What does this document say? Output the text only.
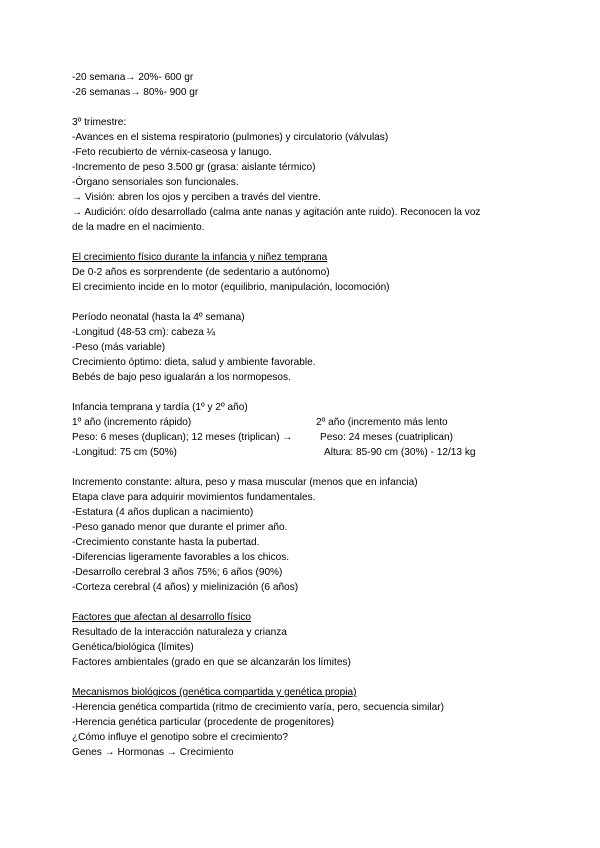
-20 semana→ 20%- 600 gr
-26 semanas→ 80%- 900 gr
3º trimestre:
-Avances en el sistema respiratorio (pulmones) y circulatorio (válvulas)
-Feto recubierto de vérnix-caseosa y lanugo.
-Incremento de peso 3.500 gr (grasa: aislante térmico)
-Órgano sensoriales son funcionales.
→ Visión: abren los ojos y perciben a través del vientre.
→ Audición: oído desarrollado (calma ante nanas y agitación ante ruido). Reconocen la voz
de la madre en el nacimiento.
El crecimiento físico durante la infancia y niñez temprana
De 0-2 años es sorprendente (de sedentario a autónomo)
El crecimiento incide en lo motor (equilibrio, manipulación, locomoción)
Período neonatal (hasta la 4º semana)
-Longitud (48-53 cm): cabeza ¼
-Peso (más variable)
Crecimiento óptimo: dieta, salud y ambiente favorable.
Bebés de bajo peso igualarán a los normopesos.
Infancia temprana y tardía (1º y 2º año)
1º año (incremento rápido)	2º año (incremento más lento
Peso: 6 meses (duplican); 12 meses (triplican) →	Peso: 24 meses (cuatriplican)
-Longitud: 75 cm (50%)	Altura: 85-90 cm (30%) - 12/13 kg
Incremento constante: altura, peso y masa muscular (menos que en infancia)
Etapa clave para adquirir movimientos fundamentales.
-Estatura (4 años duplican a nacimiento)
-Peso ganado menor que durante el primer año.
-Crecimiento constante hasta la pubertad.
-Diferencias ligeramente favorables a los chicos.
-Desarrollo cerebral 3 años 75%; 6 años (90%)
-Corteza cerebral (4 años) y mielinización (6 años)
Factores que afectan al desarrollo físico
Resultado de la interacción naturaleza y crianza
Genética/biológica (límites)
Factores ambientales (grado en que se alcanzarán los límites)
Mecanismos biológicos (genética compartida y genética propia)
-Herencia genética compartida (ritmo de crecimiento varía, pero, secuencia similar)
-Herencia genética particular (procedente de progenitores)
¿Cómo influye el genotipo sobre el crecimiento?
Genes → Hormonas → Crecimiento
